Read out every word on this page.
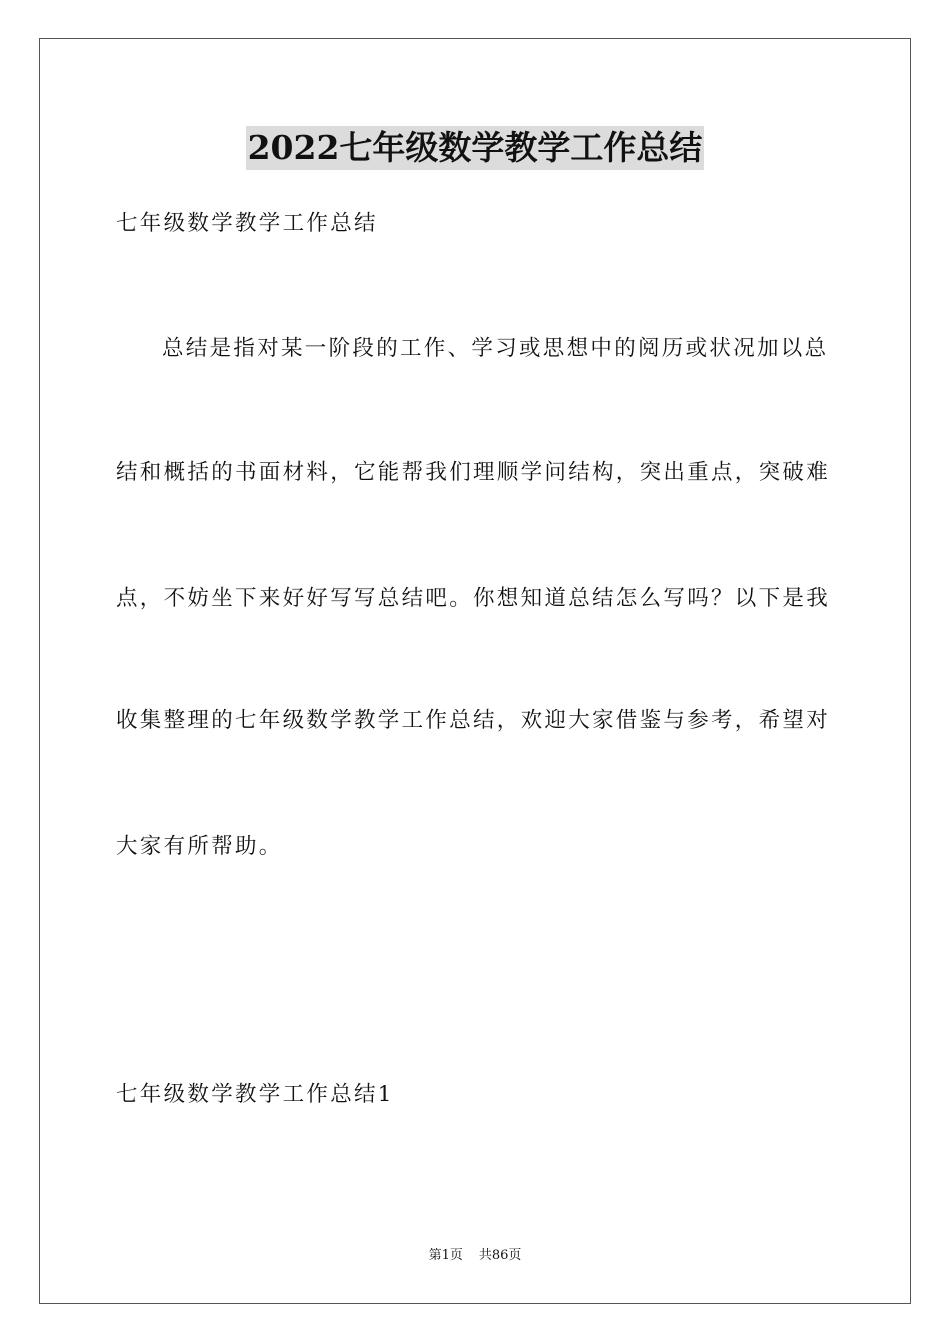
2022七年级数学教学工作总结
七年级数学教学工作总结
总结是指对某一阶段的工作、学习或思想中的阅历或状况加以总
结和概括的书面材料，它能帮我们理顺学问结构，突出重点，突破难
点，不妨坐下来好好写写总结吧。你想知道总结怎么写吗？以下是我
收集整理的七年级数学教学工作总结，欢迎大家借鉴与参考，希望对
大家有所帮助。
七年级数学教学工作总结1
第1页 共86页
